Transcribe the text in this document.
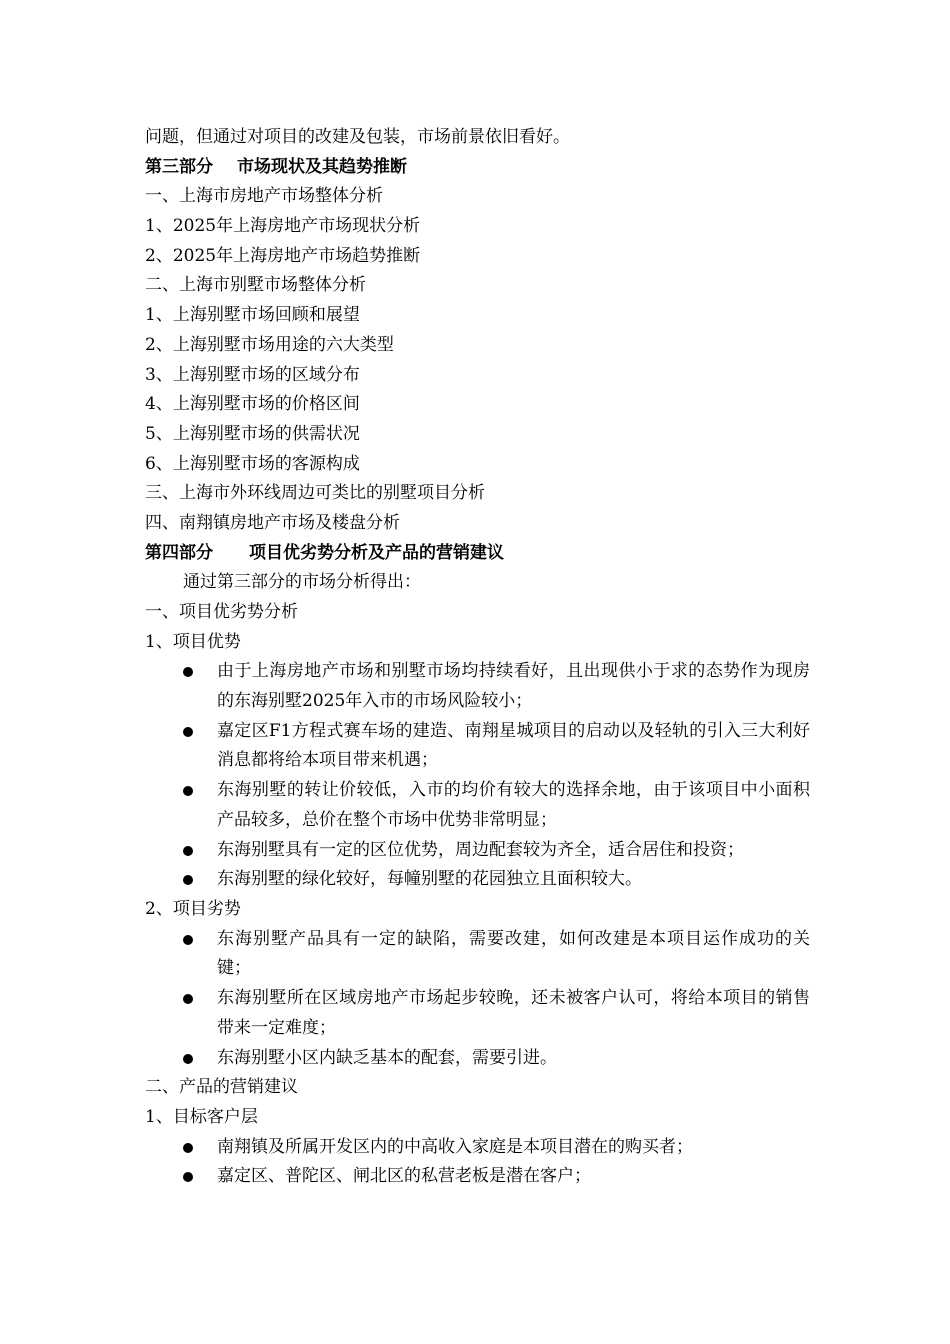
问题，但通过对项目的改建及包装，市场前景依旧看好。

第三部分 市场现状及其趋势推断

一、上海市房地产市场整体分析

1、2025年上海房地产市场现状分析

2、2025年上海房地产市场趋势推断

二、上海市别墅市场整体分析

1、上海别墅市场回顾和展望

2、上海别墅市场用途的六大类型

3、上海别墅市场的区域分布

4、上海别墅市场的价格区间

5、上海别墅市场的供需状况

6、上海别墅市场的客源构成

三、上海市外环线周边可类比的别墅项目分析

四、南翔镇房地产市场及楼盘分析

第四部分 项目优劣势分析及产品的营销建议

通过第三部分的市场分析得出：

一、项目优劣势分析

1、项目优势

由于上海房地产市场和别墅市场均持续看好，且出现供小于求的态势作为现房的东海别墅2025年入市的市场风险较小；
嘉定区F1方程式赛车场的建造、南翔星城项目的启动以及轻轨的引入三大利好消息都将给本项目带来机遇；
东海别墅的转让价较低，入市的均价有较大的选择余地，由于该项目中小面积产品较多，总价在整个市场中优势非常明显；
东海别墅具有一定的区位优势，周边配套较为齐全，适合居住和投资；
东海别墅的绿化较好，每幢别墅的花园独立且面积较大。

2、项目劣势

东海别墅产品具有一定的缺陷，需要改建，如何改建是本项目运作成功的关键；
东海别墅所在区域房地产市场起步较晚，还未被客户认可，将给本项目的销售带来一定难度；
东海别墅小区内缺乏基本的配套，需要引进。

二、产品的营销建议

1、目标客户层

南翔镇及所属开发区内的中高收入家庭是本项目潜在的购买者；
嘉定区、普陀区、闸北区的私营老板是潜在客户；
